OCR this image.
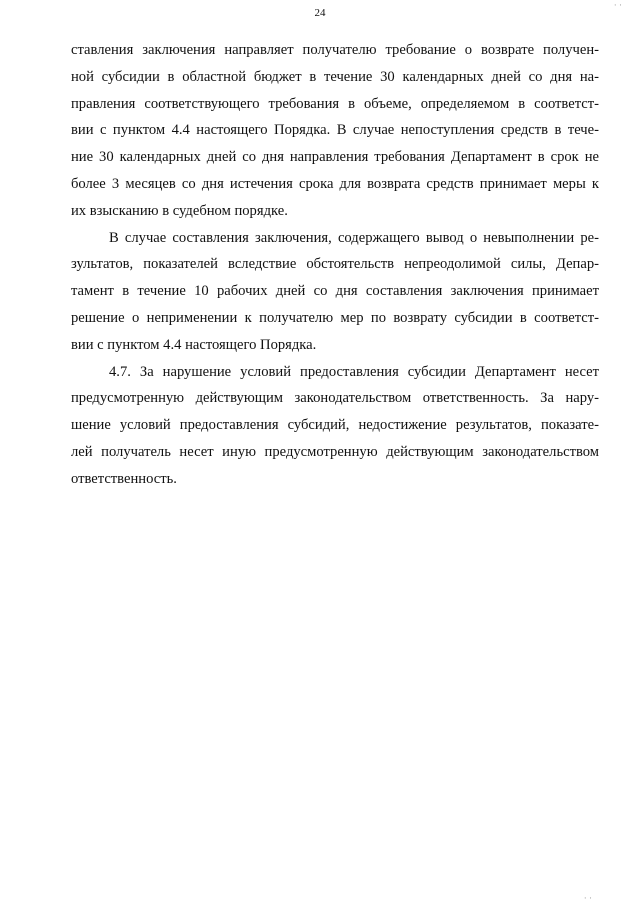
24
· ·
ставления заключения направляет получателю требование о возврате получен-
ной субсидии в областной бюджет в течение 30 календарных дней со дня на-
правления соответствующего требования в объеме, определяемом в соответст-
вии с пунктом 4.4 настоящего Порядка. В случае непоступления средств в тече-
ние 30 календарных дней со дня направления требования Департамент в срок не
более 3 месяцев со дня истечения срока для возврата средств принимает меры к
их взысканию в судебном порядке.
В случае составления заключения, содержащего вывод о невыполнении ре-
зультатов, показателей вследствие обстоятельств непреодолимой силы, Депар-
тамент в течение 10 рабочих дней со дня составления заключения принимает
решение о неприменении к получателю мер по возврату субсидии в соответст-
вии с пунктом 4.4 настоящего Порядка.
4.7. За нарушение условий предоставления субсидии Департамент несет
предусмотренную действующим законодательством ответственность. За нару-
шение условий предоставления субсидий, недостижение результатов, показате-
лей получатель несет иную предусмотренную действующим законодательством
ответственность.
· ·
